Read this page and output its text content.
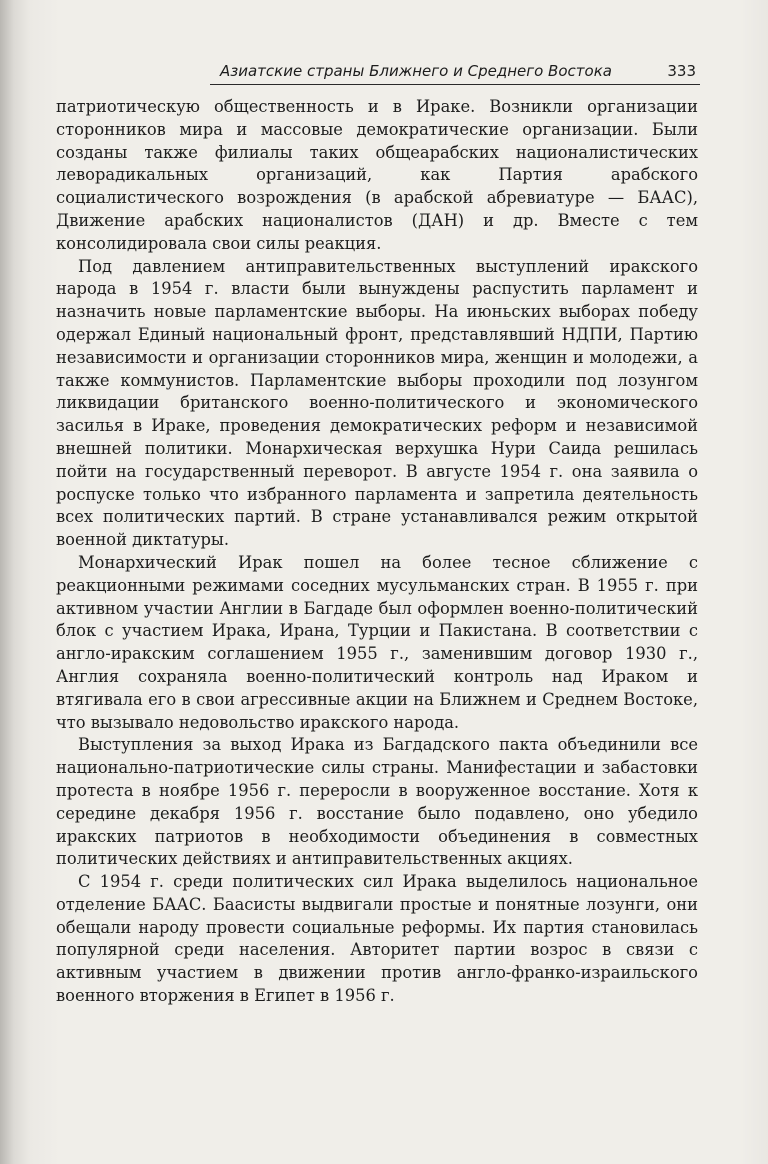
Азиатские страны Ближнего и Среднего Востока	333

патриотическую общественность и в Ираке. Возникли организации сторонников мира и массовые демократические организации. Были созданы также филиалы таких общеарабских националистических леворадикальных организаций, как Партия арабского социалистического возрождения (в арабской абревиатуре — БААС), Движение арабских националистов (ДАН) и др. Вместе с тем консолидировала свои силы реакция.

Под давлением антиправительственных выступлений иракского народа в 1954 г. власти были вынуждены распустить парламент и назначить новые парламентские выборы. На июньских выборах победу одержал Единый национальный фронт, представлявший НДПИ, Партию независимости и организации сторонников мира, женщин и молодежи, а также коммунистов. Парламентские выборы проходили под лозунгом ликвидации британского военно-политического и экономического засилья в Ираке, проведения демократических реформ и независимой внешней политики. Монархическая верхушка Нури Саида решилась пойти на государственный переворот. В августе 1954 г. она заявила о роспуске только что избранного парламента и запретила деятельность всех политических партий. В стране устанавливался режим открытой военной диктатуры.

Монархический Ирак пошел на более тесное сближение с реакционными режимами соседних мусульманских стран. В 1955 г. при активном участии Англии в Багдаде был оформлен военно-политический блок с участием Ирака, Ирана, Турции и Пакистана. В соответствии с англо-иракским соглашением 1955 г., заменившим договор 1930 г., Англия сохраняла военно-политический контроль над Ираком и втягивала его в свои агрессивные акции на Ближнем и Среднем Востоке, что вызывало недовольство иракского народа.

Выступления за выход Ирака из Багдадского пакта объединили все национально-патриотические силы страны. Манифестации и забастовки протеста в ноябре 1956 г. переросли в вооруженное восстание. Хотя к середине декабря 1956 г. восстание было подавлено, оно убедило иракских патриотов в необходимости объединения в совместных политических действиях и антиправительственных акциях.

С 1954 г. среди политических сил Ирака выделилось национальное отделение БААС. Баасисты выдвигали простые и понятные лозунги, они обещали народу провести социальные реформы. Их партия становилась популярной среди населения. Авторитет партии возрос в связи с активным участием в движении против англо-франко-израильского военного вторжения в Египет в 1956 г.
